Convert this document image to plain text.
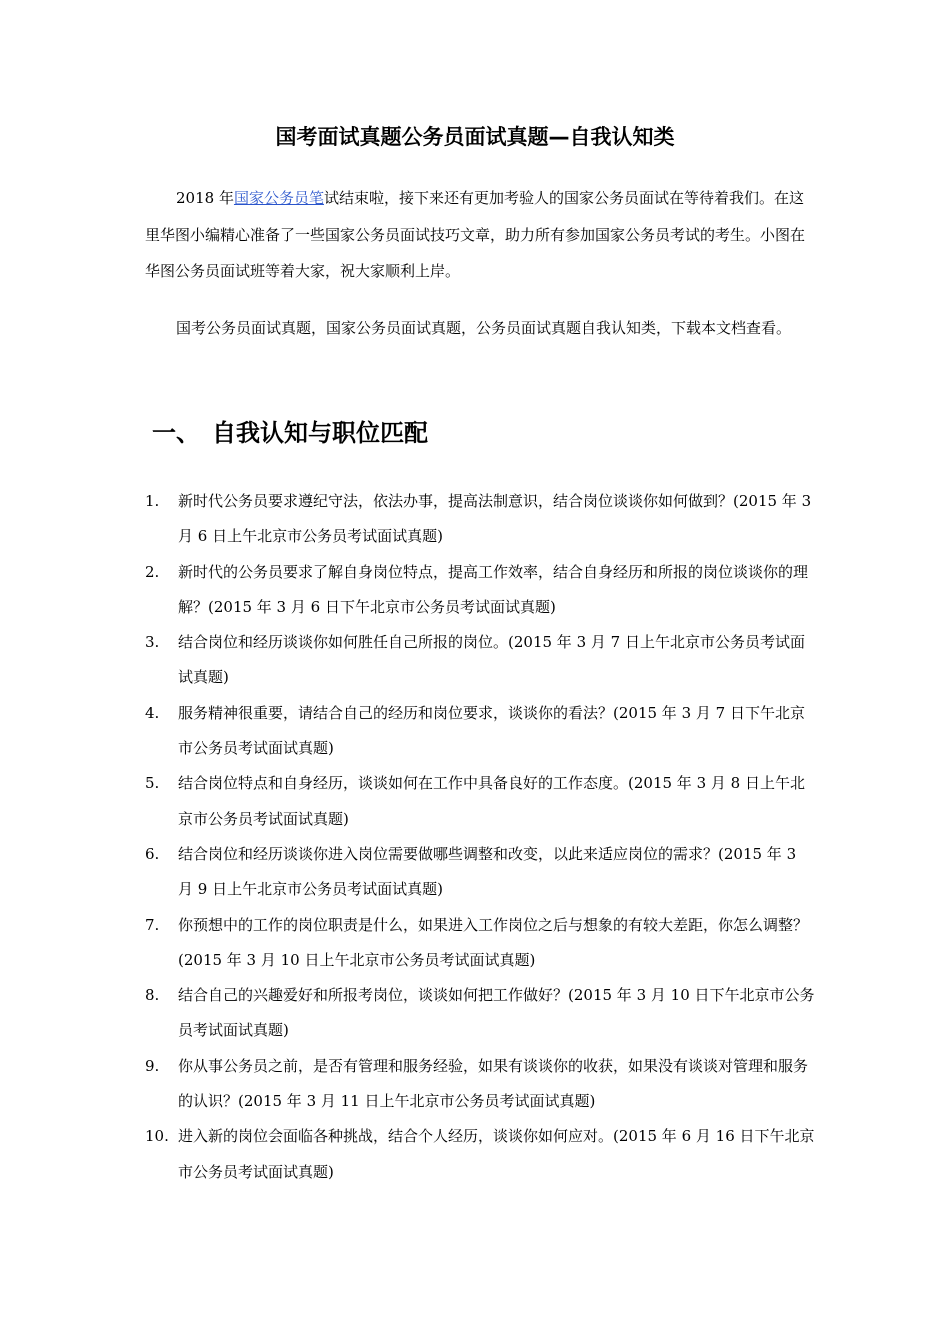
国考面试真题公务员面试真题—自我认知类

2018 年国家公务员笔试结束啦，接下来还有更加考验人的国家公务员面试在等待着我们。在这里华图小编精心准备了一些国家公务员面试技巧文章，助力所有参加国家公务员考试的考生。小图在华图公务员面试班等着大家，祝大家顺利上岸。

国考公务员面试真题，国家公务员面试真题，公务员面试真题自我认知类，下载本文档查看。

一、 自我认知与职位匹配
1.	新时代公务员要求遵纪守法，依法办事，提高法制意识，结合岗位谈谈你如何做到？(2015 年 3 月 6 日上午北京市公务员考试面试真题)
2.	新时代的公务员要求了解自身岗位特点，提高工作效率，结合自身经历和所报的岗位谈谈你的理解？(2015 年 3 月 6 日下午北京市公务员考试面试真题)
3.	结合岗位和经历谈谈你如何胜任自己所报的岗位。(2015 年 3 月 7 日上午北京市公务员考试面试真题)
4.	服务精神很重要，请结合自己的经历和岗位要求，谈谈你的看法？(2015 年 3 月 7 日下午北京市公务员考试面试真题)
5.	结合岗位特点和自身经历，谈谈如何在工作中具备良好的工作态度。(2015 年 3 月 8 日上午北京市公务员考试面试真题)
6.	结合岗位和经历谈谈你进入岗位需要做哪些调整和改变，以此来适应岗位的需求？(2015 年 3 月 9 日上午北京市公务员考试面试真题)
7.	你预想中的工作的岗位职责是什么，如果进入工作岗位之后与想象的有较大差距，你怎么调整？(2015 年 3 月 10 日上午北京市公务员考试面试真题)
8.	结合自己的兴趣爱好和所报考岗位，谈谈如何把工作做好？(2015 年 3 月 10 日下午北京市公务员考试面试真题)
9.	你从事公务员之前，是否有管理和服务经验，如果有谈谈你的收获，如果没有谈谈对管理和服务的认识？(2015 年 3 月 11 日上午北京市公务员考试面试真题)
10. 进入新的岗位会面临各种挑战，结合个人经历，谈谈你如何应对。(2015 年 6 月 16 日下午北京市公务员考试面试真题)
